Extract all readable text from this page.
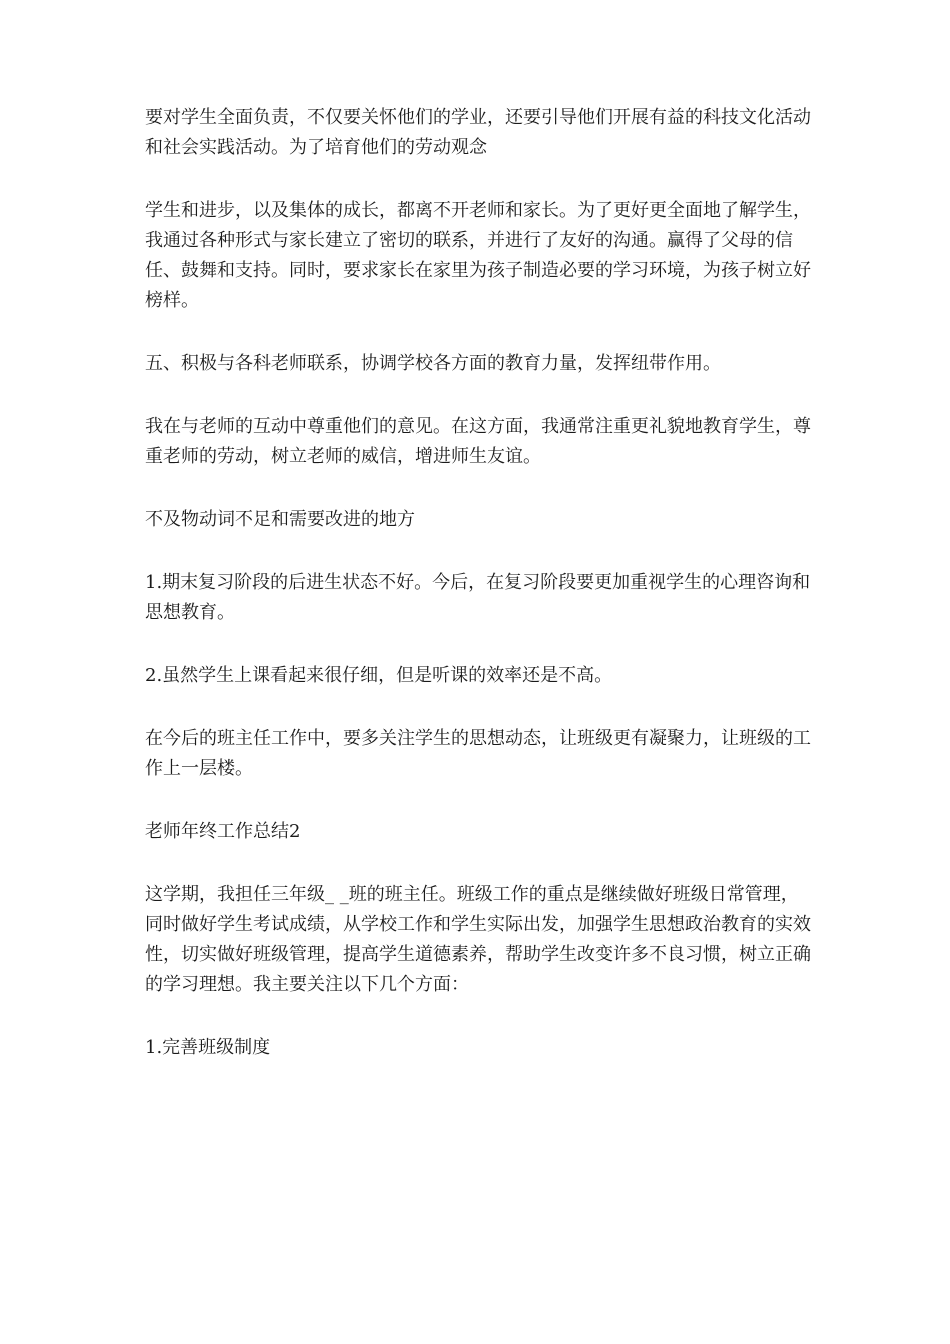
要对学生全面负责，不仅要关怀他们的学业，还要引导他们开展有益的科技文化活动和社会实践活动。为了培育他们的劳动观念

学生和进步，以及集体的成长，都离不开老师和家长。为了更好更全面地了解学生，我通过各种形式与家长建立了密切的联系，并进行了友好的沟通。赢得了父母的信任、鼓舞和支持。同时，要求家长在家里为孩子制造必要的学习环境，为孩子树立好榜样。

五、积极与各科老师联系，协调学校各方面的教育力量，发挥纽带作用。

我在与老师的互动中尊重他们的意见。在这方面，我通常注重更礼貌地教育学生，尊重老师的劳动，树立老师的威信，增进师生友谊。

不及物动词不足和需要改进的地方

1.期末复习阶段的后进生状态不好。今后，在复习阶段要更加重视学生的心理咨询和思想教育。

2.虽然学生上课看起来很仔细，但是听课的效率还是不高。

在今后的班主任工作中，要多关注学生的思想动态，让班级更有凝聚力，让班级的工作上一层楼。

老师年终工作总结2

这学期，我担任三年级_ _班的班主任。班级工作的重点是继续做好班级日常管理，同时做好学生考试成绩，从学校工作和学生实际出发，加强学生思想政治教育的实效性，切实做好班级管理，提高学生道德素养，帮助学生改变许多不良习惯，树立正确的学习理想。我主要关注以下几个方面：

1.完善班级制度
